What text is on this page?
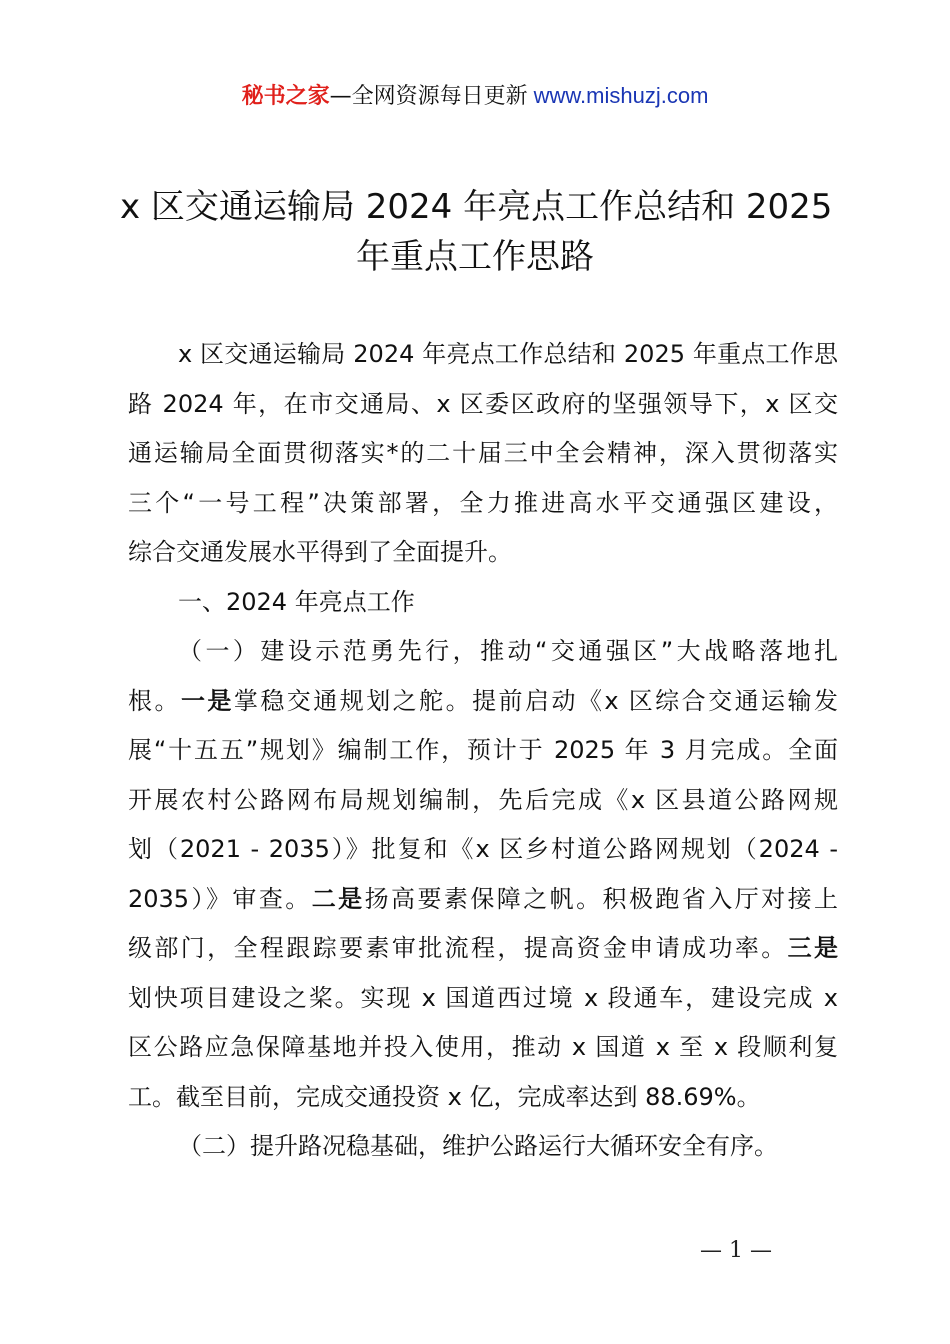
秘书之家—全网资源每日更新 www.mishuzj.com
x 区交通运输局 2024 年亮点工作总结和 2025
年重点工作思路
x 区交通运输局 2024 年亮点工作总结和 2025 年重点工作思
路 2024 年，在市交通局、x 区委区政府的坚强领导下，x 区交
通运输局全面贯彻落实*的二十届三中全会精神，深入贯彻落实
三个“一号工程”决策部署，全力推进高水平交通强区建设，
综合交通发展水平得到了全面提升。
一、2024 年亮点工作
（一）建设示范勇先行，推动“交通强区”大战略落地扎
根。一是掌稳交通规划之舵。提前启动《x 区综合交通运输发
展“十五五”规划》编制工作，预计于 2025 年 3 月完成。全面
开展农村公路网布局规划编制，先后完成《x 区县道公路网规
划（2021 - 2035）》批复和《x 区乡村道公路网规划（2024 -
2035）》审查。二是扬高要素保障之帆。积极跑省入厅对接上
级部门，全程跟踪要素审批流程，提高资金申请成功率。三是
划快项目建设之桨。实现 x 国道西过境 x 段通车，建设完成 x
区公路应急保障基地并投入使用，推动 x 国道 x 至 x 段顺利复
工。截至目前，完成交通投资 x 亿，完成率达到 88.69%。
（二）提升路况稳基础，维护公路运行大循环安全有序。
— 1 —
